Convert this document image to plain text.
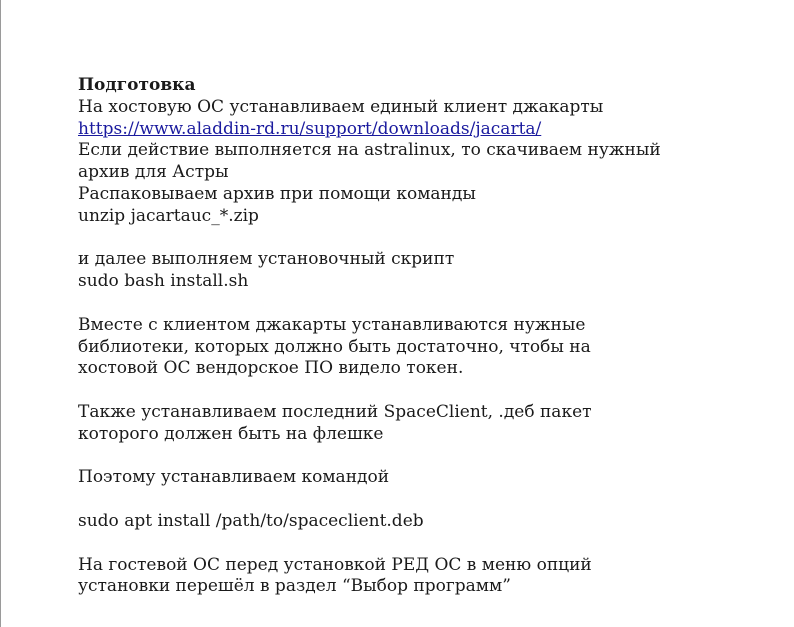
Подготовка
На хостовую ОС устанавливаем единый клиент джакарты
https://www.aladdin-rd.ru/support/downloads/jacarta/
Если действие выполняется на astralinux, то скачиваем нужный
архив для Астры
Распаковываем архив при помощи команды
unzip jacartauc_*.zip
и далее выполняем установочный скрипт
sudo bash install.sh
Вместе с клиентом джакарты устанавливаются нужные
библиотеки, которых должно быть достаточно, чтобы на
хостовой ОС вендорское ПО видело токен.
Также устанавливаем последний SpaceClient, .деб пакет
которого должен быть на флешке
Поэтому устанавливаем командой
sudo apt install /path/to/spaceclient.deb
На гостевой ОС перед установкой РЕД ОС в меню опций
установки перешёл в раздел “Выбор программ”
